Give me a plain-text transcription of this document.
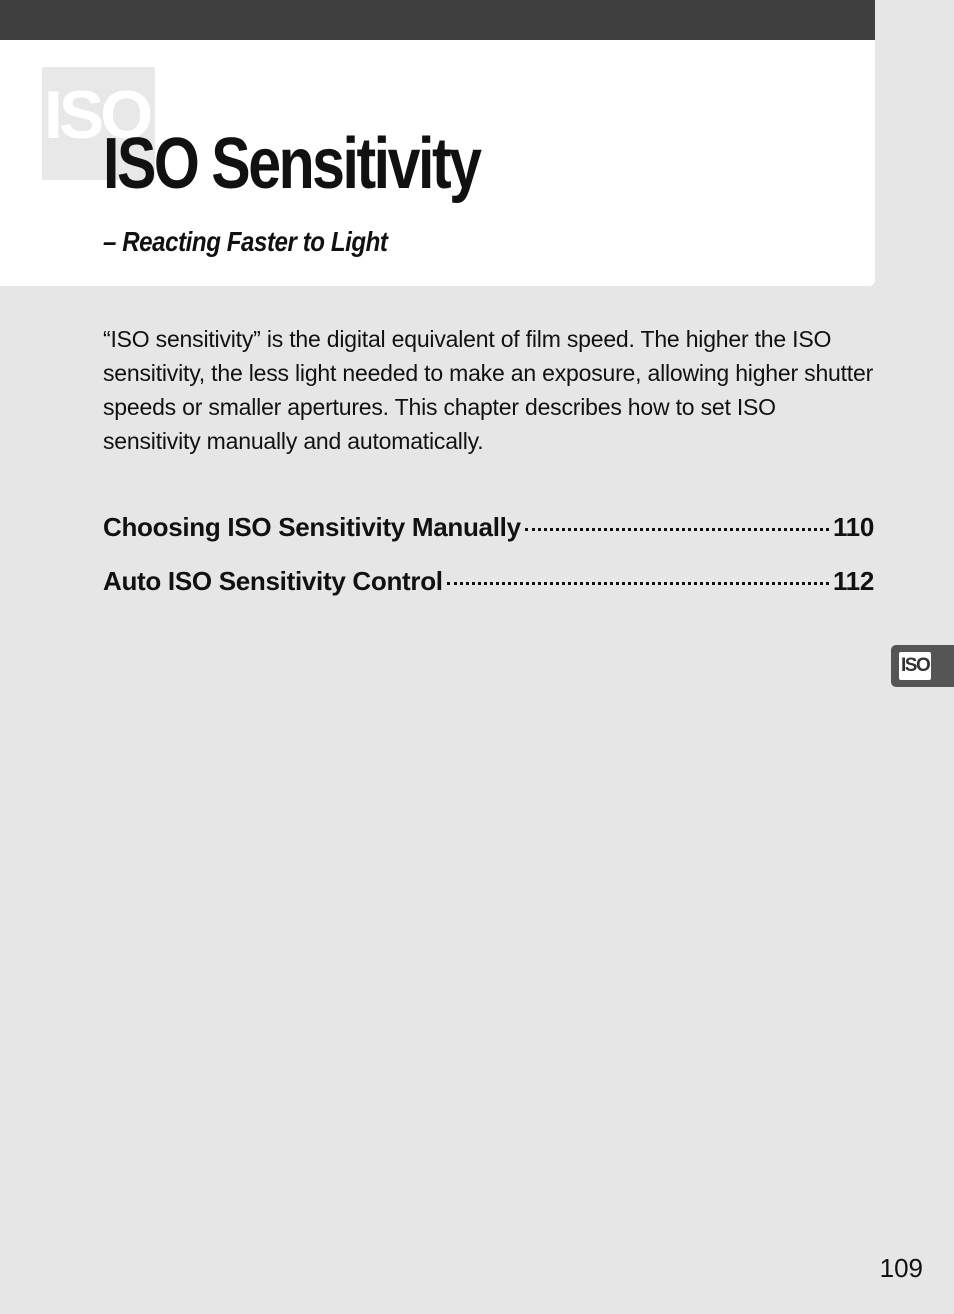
ISO
ISO Sensitivity
– Reacting Faster to Light

“ISO sensitivity” is the digital equivalent of film speed. The higher the ISO sensitivity, the less light needed to make an exposure, allowing higher shutter speeds or smaller apertures. This chapter describes how to set ISO sensitivity manually and automatically.

Choosing ISO Sensitivity Manually	110
Auto ISO Sensitivity Control	112
ISO
109
